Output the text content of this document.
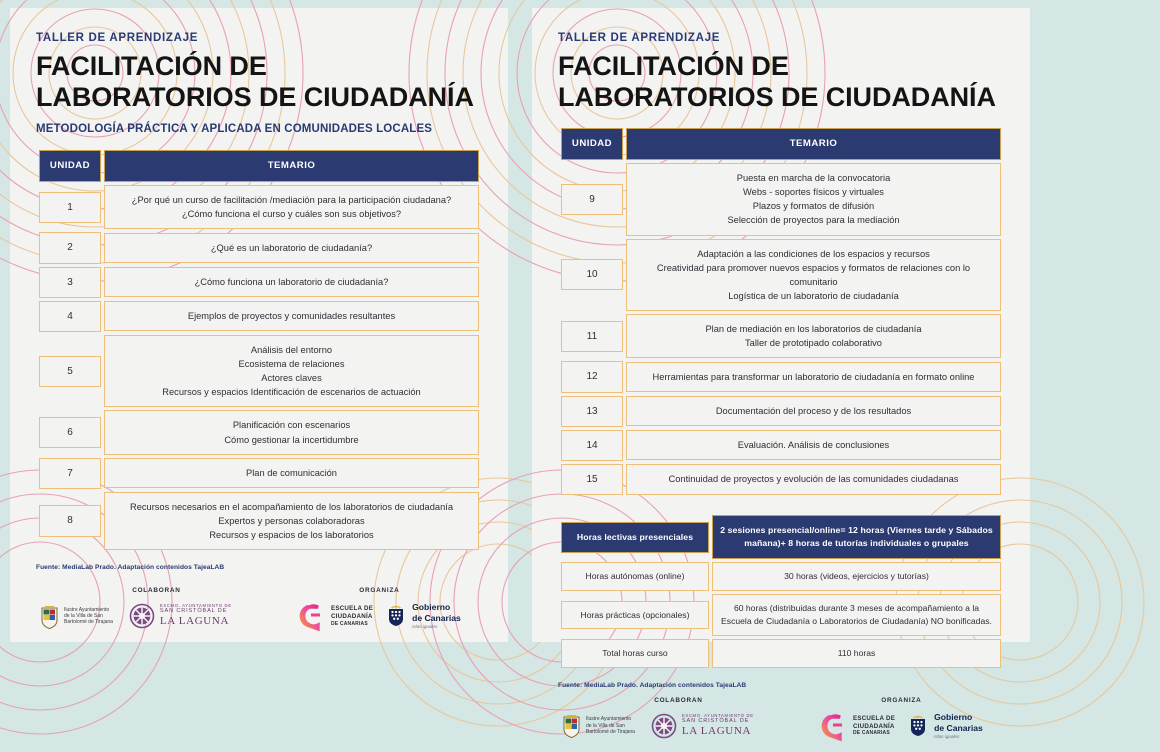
TALLER DE APRENDIZAJE
FACILITACIÓN DE LABORATORIOS DE CIUDADANÍA
METODOLOGÍA PRÁCTICA Y APLICADA EN COMUNIDADES LOCALES
UNIDAD	TEMARIO

1	¿Por qué un curso de facilitación /mediación para la participación ciudadana?
¿Cómo funciona el curso y cuáles son sus objetivos?

2	¿Qué es un laboratorio de ciudadanía?

3	¿Cómo funciona un laboratorio de ciudadanía?

4	Ejemplos de proyectos y comunidades resultantes

5	Análisis del entorno
Ecosistema de relaciones
Actores claves
Recursos y espacios Identificación de escenarios de actuación

6	Planificación con escenarios
Cómo gestionar la incertidumbre

7	Plan de comunicación

8	Recursos necesarios en el acompañamiento de los laboratorios de ciudadanía
Expertos y personas colaboradoras
Recursos y espacios de los laboratorios
Fuente: MediaLab Prado. Adaptación contenidos TajeaLAB
COLABORAN	ORGANIZA
Ilustre Ayuntamiento
de la Villa de San
Bartolomé de Tirajana
EXCMO. AYUNTAMIENTO DE
SAN CRISTÓBAL DE
LA LAGUNA
ESCUELA DE
CIUDADANÍA
DE CANARIAS
Gobierno
de Canarias
Islas iguales
TALLER DE APRENDIZAJE
FACILITACIÓN DE LABORATORIOS DE CIUDADANÍA
UNIDAD	TEMARIO

9	Puesta en marcha de la convocatoria
Webs - soportes físicos y virtuales
Plazos y formatos de difusión
Selección de proyectos para la mediación

10	Adaptación a las condiciones de los espacios y recursos
Creatividad para promover nuevos espacios y formatos de relaciones con lo comunitario
Logística de un laboratorio de ciudadanía

11	Plan de mediación en los laboratorios de ciudadanía
Taller de prototipado colaborativo

12	Herramientas para transformar un laboratorio de ciudadanía en formato online

13	Documentación del proceso y de los resultados

14	Evaluación. Análisis de conclusiones

15	Continuidad de proyectos y evolución de las comunidades ciudadanas
Horas lectivas presenciales	2 sesiones presencial/online= 12 horas (Viernes tarde y Sábados mañana)+ 8 horas de tutorías individuales o grupales

Horas autónomas (online)	30 horas (videos, ejercicios y tutorías)

Horas prácticas (opcionales)	60 horas (distribuidas durante 3 meses de acompañamiento a la Escuela de Ciudadanía o Laboratorios de Ciudadanía) NO bonificadas.

Total horas curso	110 horas
Fuente: MediaLab Prado. Adaptación contenidos TajeaLAB
COLABORAN	ORGANIZA
Ilustre Ayuntamiento
de la Villa de San
Bartolomé de Tirajana
EXCMO. AYUNTAMIENTO DE
SAN CRISTÓBAL DE
LA LAGUNA
ESCUELA DE
CIUDADANÍA
DE CANARIAS
Gobierno
de Canarias
Islas iguales
